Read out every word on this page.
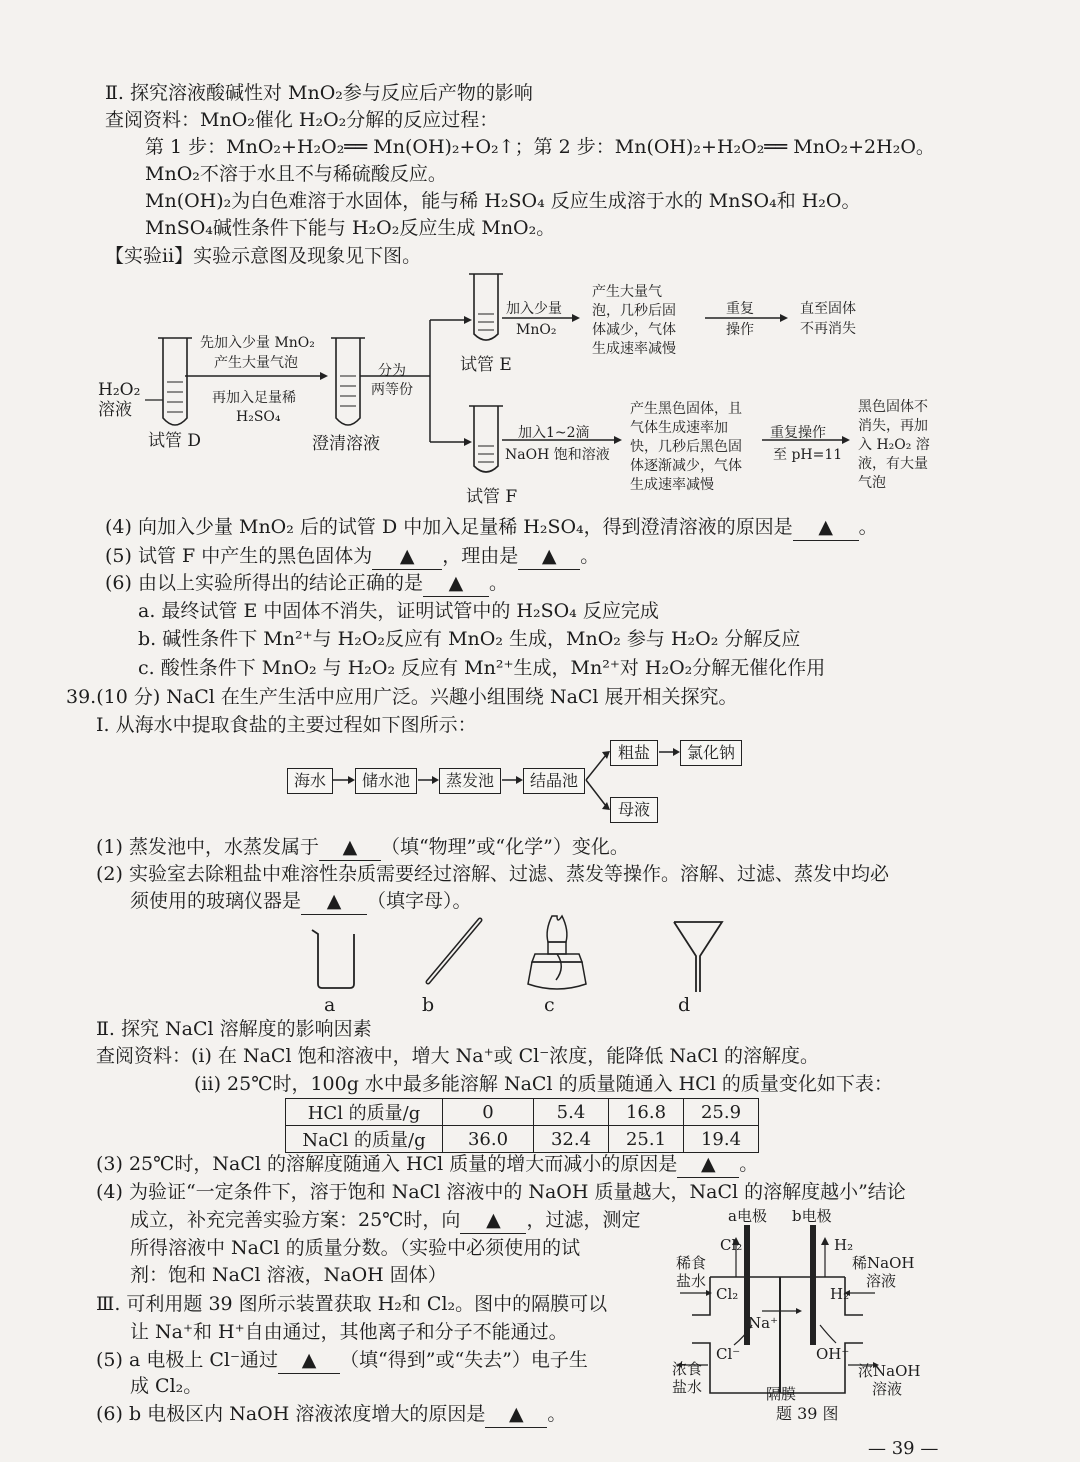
Ⅱ. 探究溶液酸碱性对 MnO₂参与反应后产物的影响
查阅资料：MnO₂催化 H₂O₂分解的反应过程：
第 1 步：MnO₂+H₂O₂══ Mn(OH)₂+O₂↑；第 2 步：Mn(OH)₂+H₂O₂══ MnO₂+2H₂O。
MnO₂不溶于水且不与稀硫酸反应。
Mn(OH)₂为白色难溶于水固体，能与稀 H₂SO₄ 反应生成溶于水的 MnSO₄和 H₂O。
MnSO₄碱性条件下能与 H₂O₂反应生成 MnO₂。
【实验ⅱ】实验示意图及现象见下图。
H₂O₂
溶液
试管 D
先加入少量 MnO₂
产生大量气泡
再加入足量稀
H₂SO₄
澄清溶液
分为
两等份
试管 E
试管 F
加入少量
MnO₂
产生大量气
泡，几秒后固
体减少，气体
生成速率减慢
重复
操作
直至固体
不再消失
加入1~2滴
NaOH 饱和溶液
产生黑色固体，且
气体生成速率加
快，几秒后黑色固
体逐渐减少，气体
生成速率减慢
重复操作
至 pH=11
黑色固体不
消失，再加
入 H₂O₂ 溶
液，有大量
气泡
(4) 向加入少量 MnO₂ 后的试管 D 中加入足量稀 H₂SO₄，得到澄清溶液的原因是 ▲ 。
(5) 试管 F 中产生的黑色固体为 ▲ ，理由是 ▲ 。
(6) 由以上实验所得出的结论正确的是 ▲ 。
a. 最终试管 E 中固体不消失，证明试管中的 H₂SO₄ 反应完成
b. 碱性条件下 Mn²⁺与 H₂O₂反应有 MnO₂ 生成，MnO₂ 参与 H₂O₂ 分解反应
c. 酸性条件下 MnO₂ 与 H₂O₂ 反应有 Mn²⁺生成，Mn²⁺对 H₂O₂分解无催化作用
39.(10 分) NaCl 在生产生活中应用广泛。兴趣小组围绕 NaCl 展开相关探究。
I. 从海水中提取食盐的主要过程如下图所示：
海水	储水池	蒸发池	结晶池
粗盐	氯化钠
母液
(1) 蒸发池中，水蒸发属于 ▲ （填“物理”或“化学”）变化。
(2) 实验室去除粗盐中难溶性杂质需要经过溶解、过滤、蒸发等操作。溶解、过滤、蒸发中均必
须使用的玻璃仪器是 ▲ （填字母）。
a	b	c	d
Ⅱ. 探究 NaCl 溶解度的影响因素
查阅资料：(ⅰ) 在 NaCl 饱和溶液中，增大 Na⁺或 Cl⁻浓度，能降低 NaCl 的溶解度。
(ⅱ) 25℃时，100g 水中最多能溶解 NaCl 的质量随通入 HCl 的质量变化如下表：
HCl 的质量/g	0	5.4	16.8	25.9
NaCl 的质量/g	36.0	32.4	25.1	19.4
(3) 25℃时，NaCl 的溶解度随通入 HCl 质量的增大而减小的原因是 ▲ 。
(4) 为验证“一定条件下，溶于饱和 NaCl 溶液中的 NaOH 质量越大，NaCl 的溶解度越小”结论
成立，补充完善实验方案：25℃时，向 ▲ ，过滤，测定
所得溶液中 NaCl 的质量分数。（实验中必须使用的试
剂：饱和 NaCl 溶液，NaOH 固体）
Ⅲ. 可利用题 39 图所示装置获取 H₂和 Cl₂。图中的隔膜可以
让 Na⁺和 H⁺自由通过，其他离子和分子不能通过。
(5) a 电极上 Cl⁻通过 ▲ （填“得到”或“失去”）电子生
成 Cl₂。
(6) b 电极区内 NaOH 溶液浓度增大的原因是 ▲ 。
a电极 b电极
Cl₂	H₂
稀食
盐水
稀NaOH
溶液
Cl₂	H₂
Na⁺
Cl⁻	OH⁻
浓食
盐水
浓NaOH
溶液
隔膜
题 39 图
— 39 —
